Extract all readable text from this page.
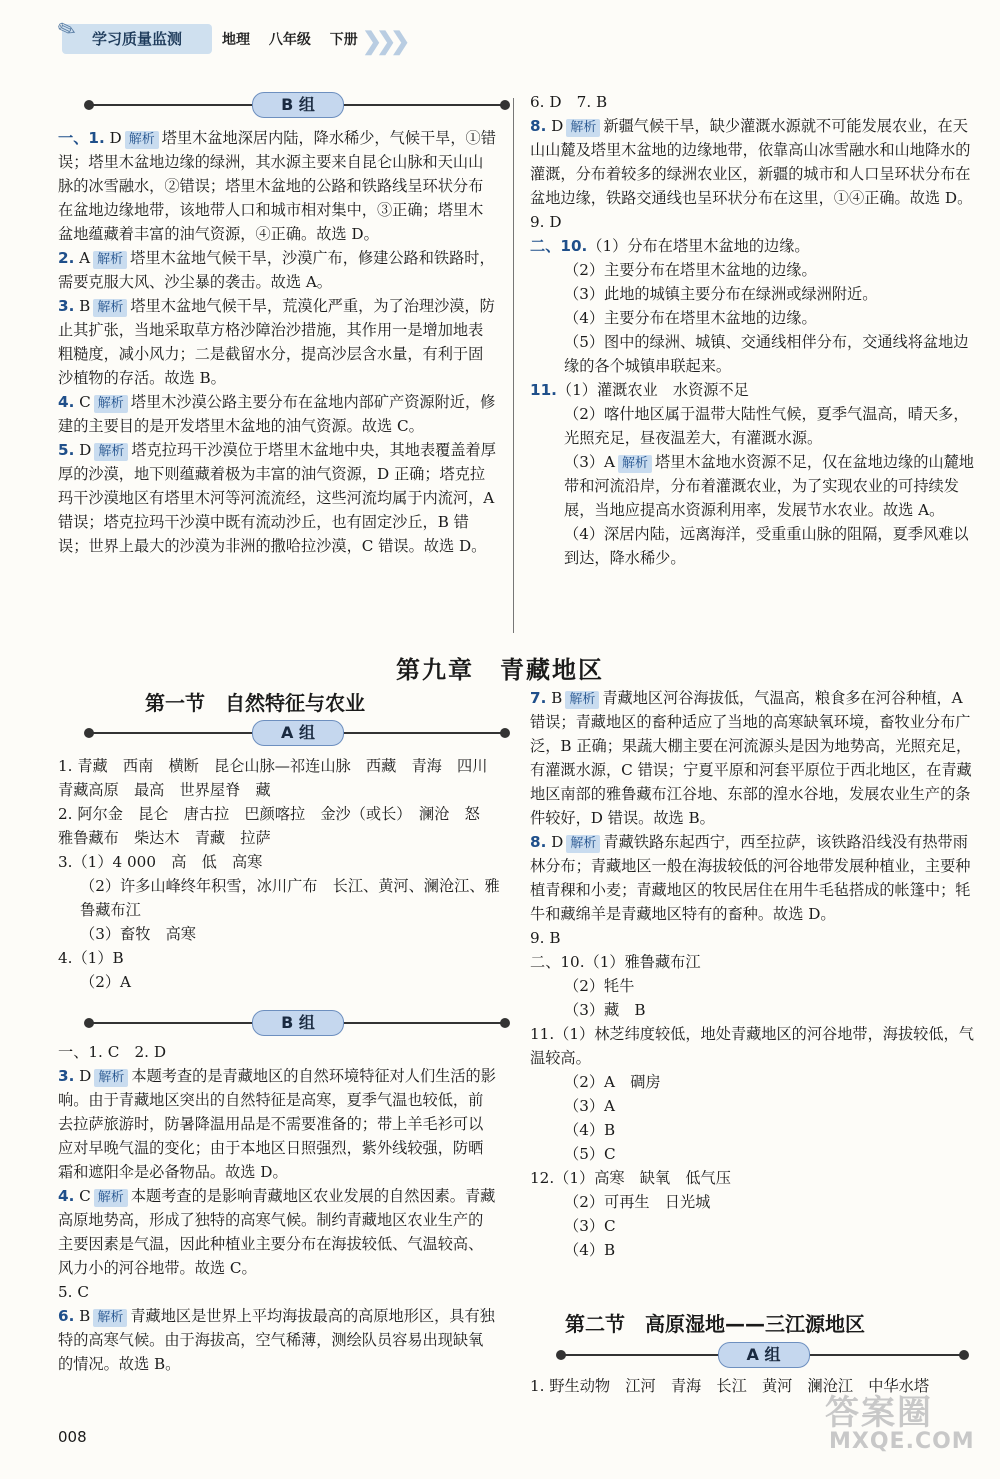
✎ 学习质量监测	地理 八年级 下册 ❯❯❯
B 组

一、1. D 解析 塔里木盆地深居内陆，降水稀少，气候干旱，①错误；塔里木盆地边缘的绿洲，其水源主要来自昆仑山脉和天山山脉的冰雪融水，②错误；塔里木盆地的公路和铁路线呈环状分布在盆地边缘地带，该地带人口和城市相对集中，③正确；塔里木盆地蕴藏着丰富的油气资源，④正确。故选 D。

2. A 解析 塔里木盆地气候干旱，沙漠广布，修建公路和铁路时，需要克服大风、沙尘暴的袭击。故选 A。

3. B 解析 塔里木盆地气候干旱，荒漠化严重，为了治理沙漠，防止其扩张，当地采取草方格沙障治沙措施，其作用一是增加地表粗糙度，减小风力；二是截留水分，提高沙层含水量，有利于固沙植物的存活。故选 B。

4. C 解析 塔里木沙漠公路主要分布在盆地内部矿产资源附近，修建的主要目的是开发塔里木盆地的油气资源。故选 C。

5. D 解析 塔克拉玛干沙漠位于塔里木盆地中央，其地表覆盖着厚厚的沙漠，地下则蕴藏着极为丰富的油气资源，D 正确；塔克拉玛干沙漠地区有塔里木河等河流流经，这些河流均属于内流河，A 错误；塔克拉玛干沙漠中既有流动沙丘，也有固定沙丘，B 错误；世界上最大的沙漠为非洲的撒哈拉沙漠，C 错误。故选 D。

6. D　7. B

8. D 解析 新疆气候干旱，缺少灌溉水源就不可能发展农业，在天山山麓及塔里木盆地的边缘地带，依靠高山冰雪融水和山地降水的灌溉，分布着较多的绿洲农业区，新疆的城市和人口呈环状分布在盆地边缘，铁路交通线也呈环状分布在这里，①④正确。故选 D。

9. D

二、10.（1）分布在塔里木盆地的边缘。

（2）主要分布在塔里木盆地的边缘。

（3）此地的城镇主要分布在绿洲或绿洲附近。

（4）主要分布在塔里木盆地的边缘。

（5）图中的绿洲、城镇、交通线相伴分布，交通线将盆地边缘的各个城镇串联起来。

11.（1）灌溉农业　水资源不足

（2）喀什地区属于温带大陆性气候，夏季气温高，晴天多，光照充足，昼夜温差大，有灌溉水源。

（3）A 解析 塔里木盆地水资源不足，仅在盆地边缘的山麓地带和河流沿岸，分布着灌溉农业，为了实现农业的可持续发展，当地应提高水资源利用率，发展节水农业。故选 A。

（4）深居内陆，远离海洋，受重重山脉的阻隔，夏季风难以到达，降水稀少。

第九章　青藏地区
第一节　自然特征与农业
A 组

1. 青藏　西南　横断　昆仑山脉—祁连山脉　西藏　青海　四川　青藏高原　最高　世界屋脊　藏

2. 阿尔金　昆仑　唐古拉　巴颜喀拉　金沙（或长）　澜沧　怒　雅鲁藏布　柴达木　青藏　拉萨

3.（1）4 000　高　低　高寒

（2）许多山峰终年积雪，冰川广布　长江、黄河、澜沧江、雅鲁藏布江

（3）畜牧　高寒

4.（1）B

（2）A

B 组

一、1. C　2. D

3. D 解析 本题考查的是青藏地区的自然环境特征对人们生活的影响。由于青藏地区突出的自然特征是高寒，夏季气温也较低，前去拉萨旅游时，防暑降温用品是不需要准备的；带上羊毛衫可以应对早晚气温的变化；由于本地区日照强烈，紫外线较强，防晒霜和遮阳伞是必备物品。故选 D。

4. C 解析 本题考查的是影响青藏地区农业发展的自然因素。青藏高原地势高，形成了独特的高寒气候。制约青藏地区农业生产的主要因素是气温，因此种植业主要分布在海拔较低、气温较高、风力小的河谷地带。故选 C。

5. C

6. B 解析 青藏地区是世界上平均海拔最高的高原地形区，具有独特的高寒气候。由于海拔高，空气稀薄，测绘队员容易出现缺氧的情况。故选 B。

7. B 解析 青藏地区河谷海拔低，气温高，粮食多在河谷种植，A 错误；青藏地区的畜种适应了当地的高寒缺氧环境，畜牧业分布广泛，B 正确；果蔬大棚主要在河流源头是因为地势高，光照充足，有灌溉水源，C 错误；宁夏平原和河套平原位于西北地区，在青藏地区南部的雅鲁藏布江谷地、东部的湟水谷地，发展农业生产的条件较好，D 错误。故选 B。

8. D 解析 青藏铁路东起西宁，西至拉萨，该铁路沿线没有热带雨林分布；青藏地区一般在海拔较低的河谷地带发展种植业，主要种植青稞和小麦；青藏地区的牧民居住在用牛毛毡搭成的帐篷中；牦牛和藏绵羊是青藏地区特有的畜种。故选 D。

9. B

二、10.（1）雅鲁藏布江

（2）牦牛

（3）藏　B

11.（1）林芝纬度较低，地处青藏地区的河谷地带，海拔较低，气温较高。

（2）A　碉房

（3）A

（4）B

（5）C

12.（1）高寒　缺氧　低气压

（2）可再生　日光城

（3）C

（4）B

第二节　高原湿地——三江源地区
A 组

1. 野生动物　江河　青海　长江　黄河　澜沧江　中华水塔

008
答案圈
MXQE.COM
